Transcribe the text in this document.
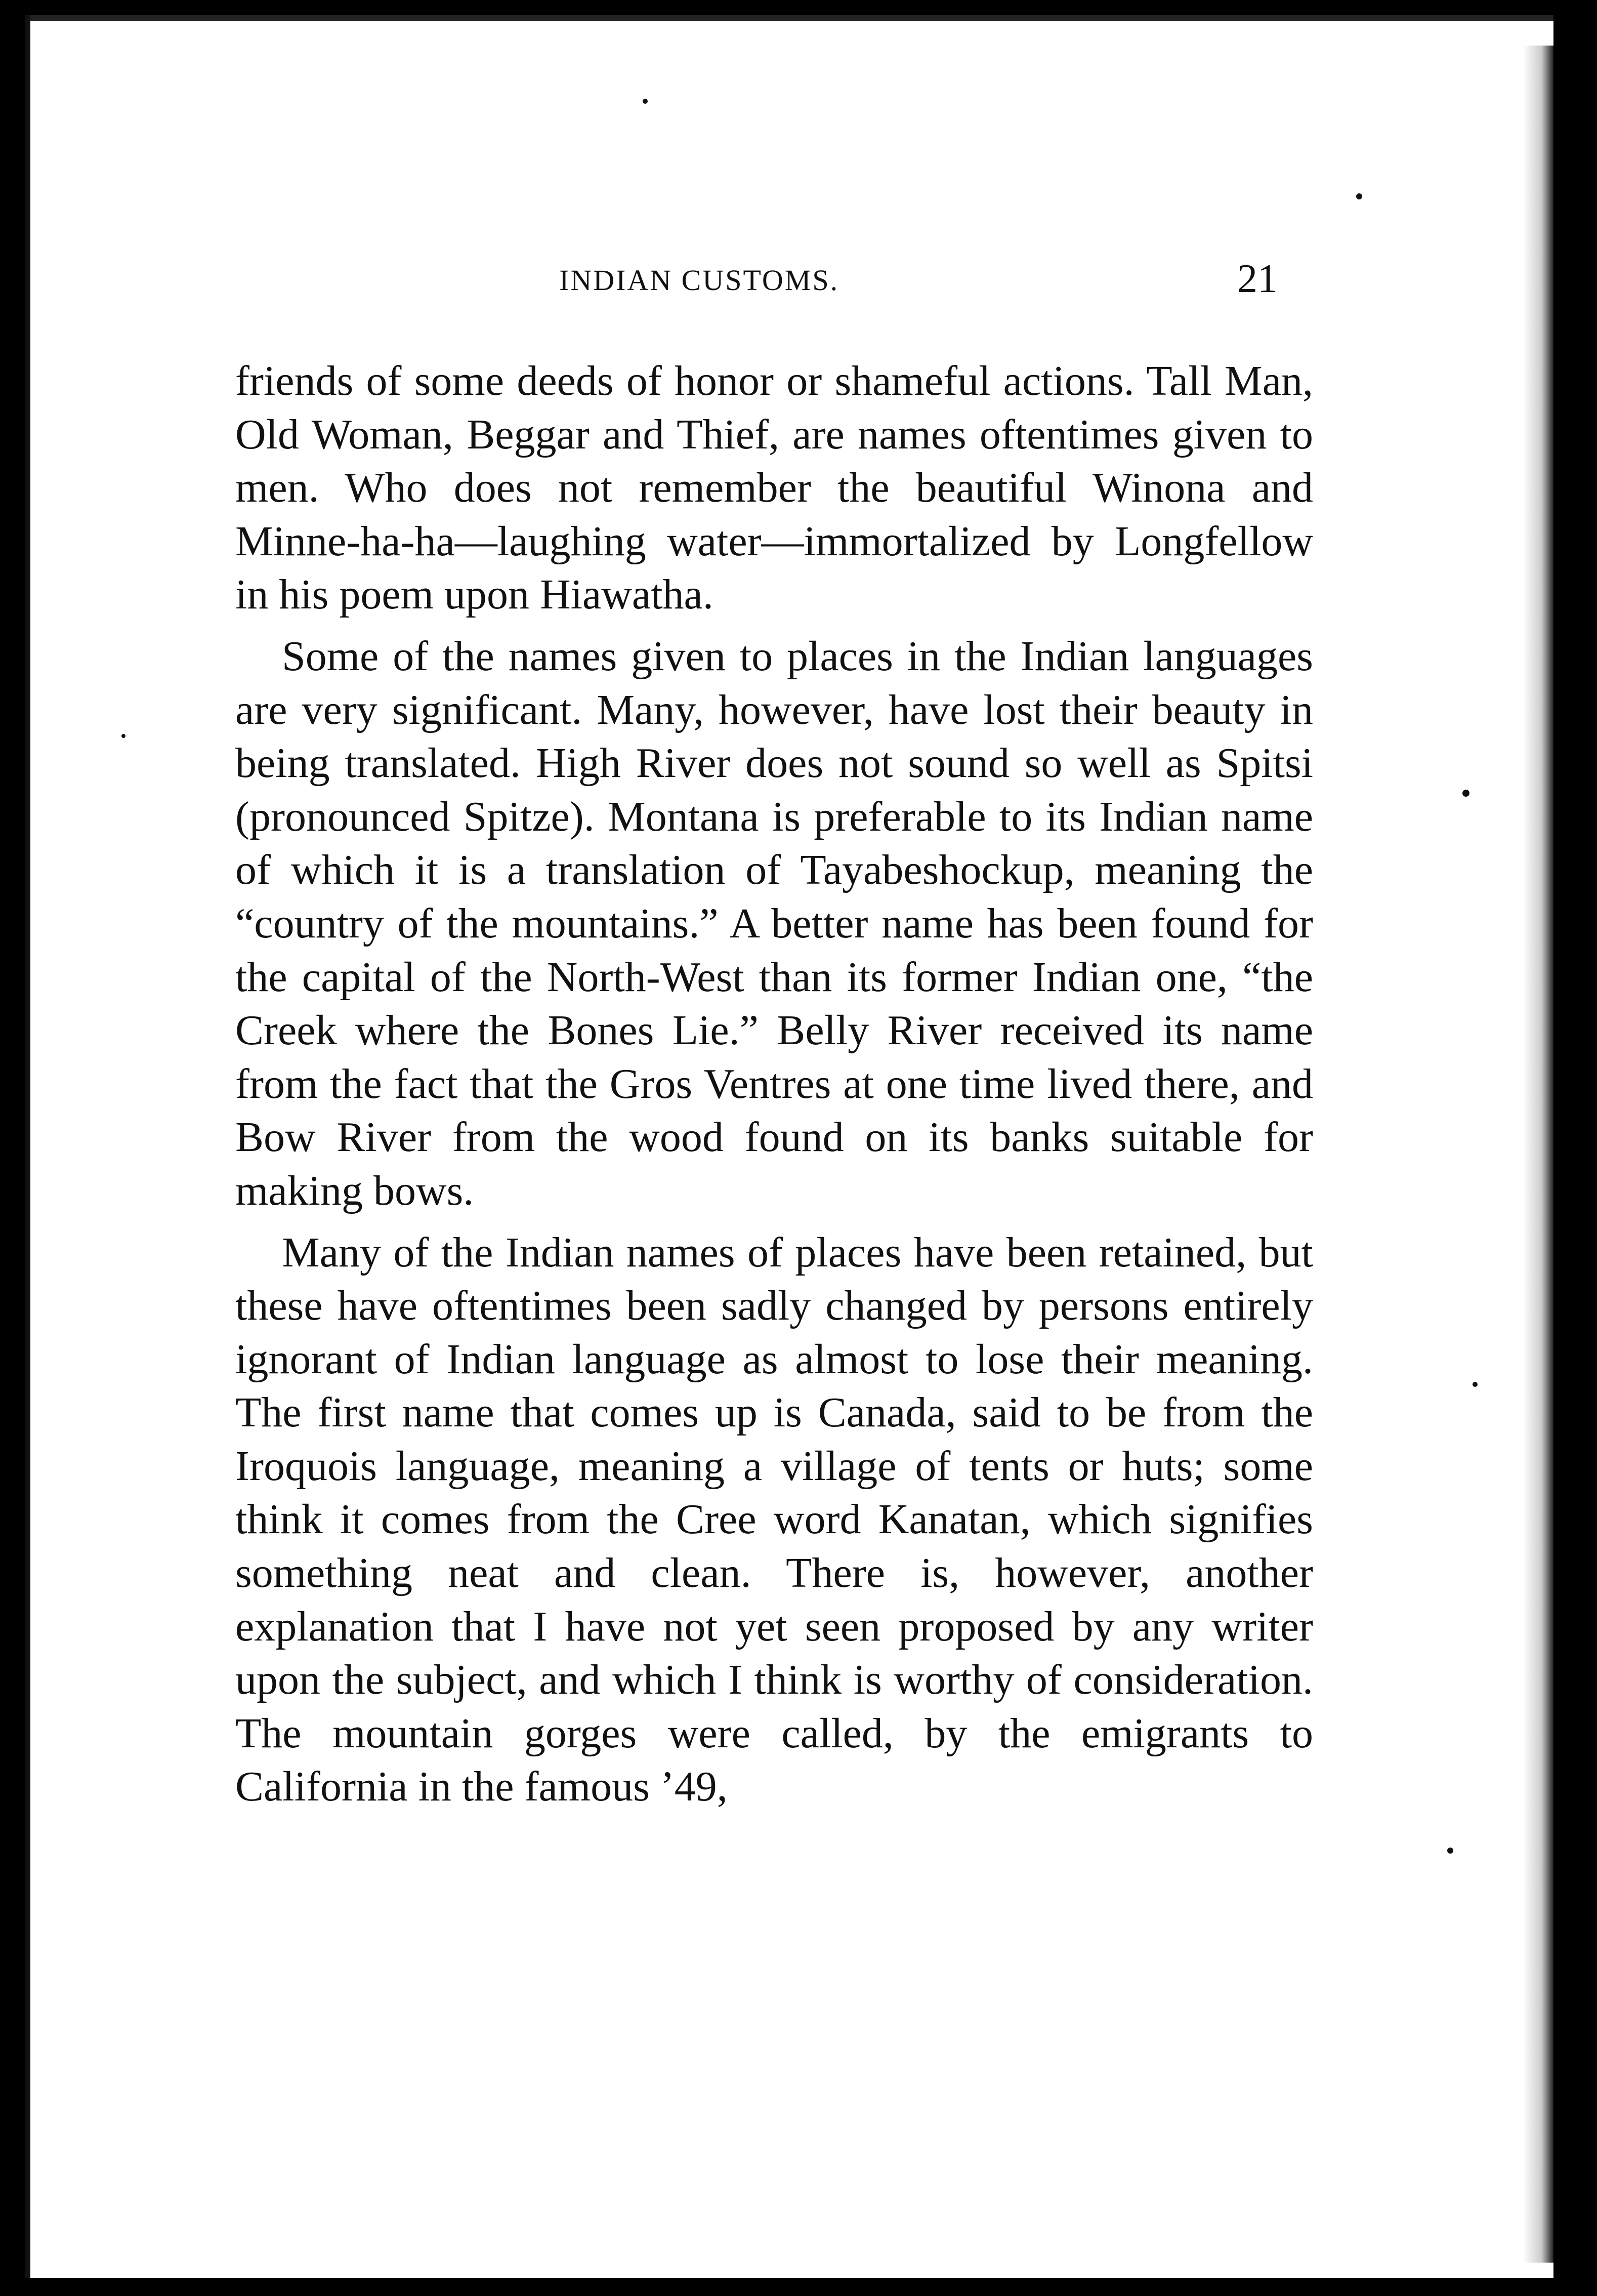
INDIAN CUSTOMS.	21

friends of some deeds of honor or shameful actions. Tall Man, Old Woman, Beggar and Thief, are names oftentimes given to men. Who does not remember the beautiful Winona and Minne-ha-ha—laughing water—immortalized by Longfellow in his poem upon Hiawatha.

Some of the names given to places in the Indian languages are very significant. Many, however, have lost their beauty in being translated. High River does not sound so well as Spitsi (pronounced Spitze). Montana is preferable to its Indian name of which it is a translation of Tayabeshockup, meaning the “country of the mountains.” A better name has been found for the capital of the North-West than its former Indian one, “the Creek where the Bones Lie.” Belly River received its name from the fact that the Gros Ventres at one time lived there, and Bow River from the wood found on its banks suitable for making bows.

Many of the Indian names of places have been retained, but these have oftentimes been sadly changed by persons entirely ignorant of Indian language as almost to lose their meaning. The first name that comes up is Canada, said to be from the Iroquois language, meaning a village of tents or huts; some think it comes from the Cree word Kanatan, which signifies something neat and clean. There is, however, another explanation that I have not yet seen proposed by any writer upon the subject, and which I think is worthy of consideration. The mountain gorges were called, by the emigrants to California in the famous ’49,
